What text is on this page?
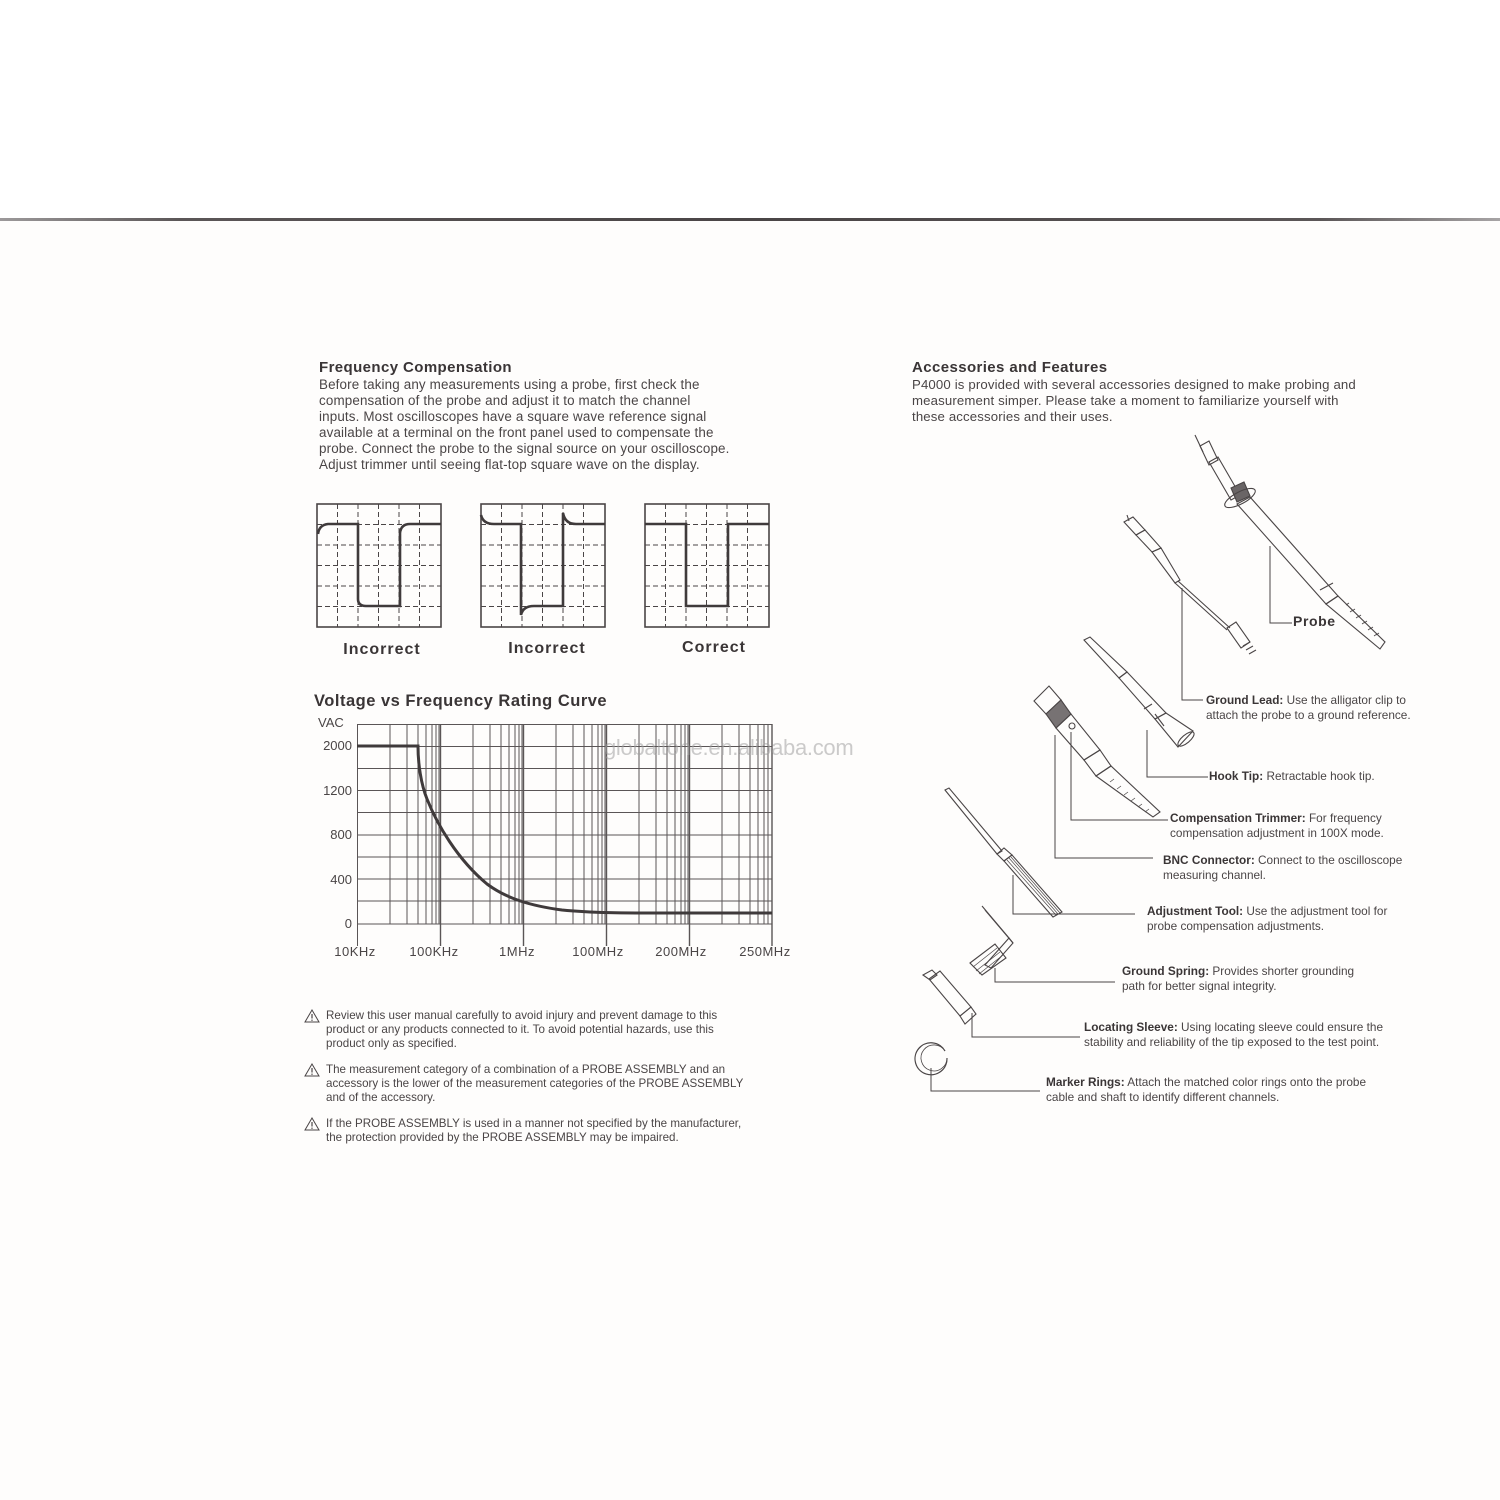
Frequency Compensation
Before taking any measurements using a probe, first check the
compensation of the probe and adjust it to match the channel
inputs. Most oscilloscopes have a square wave reference signal
available at a terminal on the front panel used to compensate the
probe. Connect the probe to the signal source on your oscilloscope.
Adjust trimmer until seeing flat-top square wave on the display.
Incorrect	Incorrect	Correct
Voltage vs Frequency Rating Curve
VAC
2000
1200
800
400
0
10KHz	100KHz	1MHz	100MHz	200MHz	250MHz
globaltone.en.alibaba.com
Review this user manual carefully to avoid injury and prevent damage to this
product or any products connected to it. To avoid potential hazards, use this
product only as specified.
The measurement category of a combination of a PROBE ASSEMBLY and an
accessory is the lower of the measurement categories of the PROBE ASSEMBLY
and of the accessory.
If the PROBE ASSEMBLY is used in a manner not specified by the manufacturer,
the protection provided by the PROBE ASSEMBLY may be impaired.
Accessories and Features
P4000 is provided with several accessories designed to make probing and
measurement simper. Please take a moment to familiarize yourself with
these accessories and their uses.
Probe
Ground Lead: Use the alligator clip to
attach the probe to a ground reference.
Hook Tip: Retractable hook tip.
Compensation Trimmer: For frequency
compensation adjustment in 100X mode.
BNC Connector: Connect to the oscilloscope
measuring channel.
Adjustment Tool: Use the adjustment tool for
probe compensation adjustments.
Ground Spring: Provides shorter grounding
path for better signal integrity.
Locating Sleeve: Using locating sleeve could ensure the
stability and reliability of the tip exposed to the test point.
Marker Rings: Attach the matched color rings onto the probe
cable and shaft to identify different channels.
